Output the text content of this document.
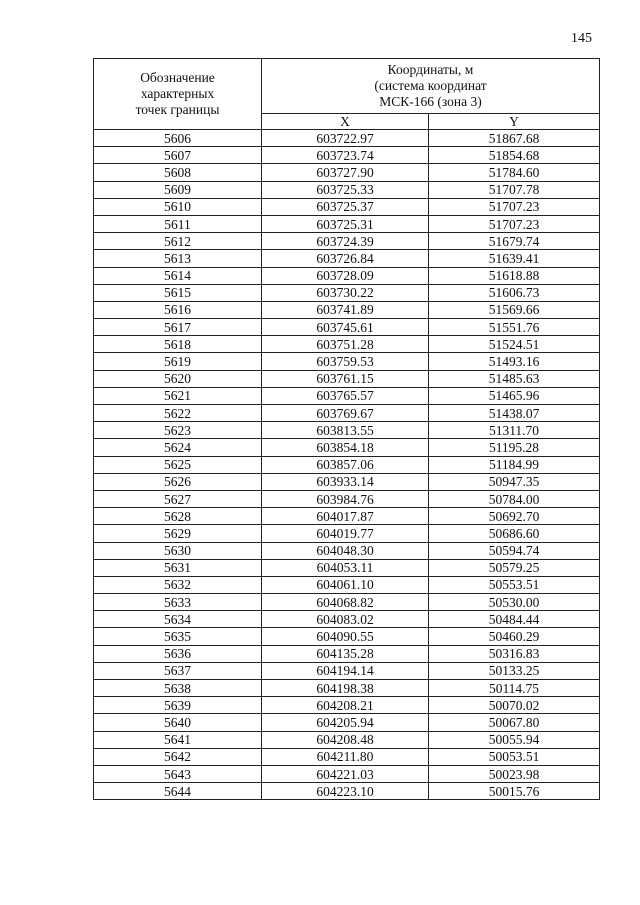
145
Обозначение
характерных
точек границы	Координаты, м
(система координат
МСК-166 (зона 3)	
	X	Y
5606	603722.97	51867.68
5607	603723.74	51854.68
5608	603727.90	51784.60
5609	603725.33	51707.78
5610	603725.37	51707.23
5611	603725.31	51707.23
5612	603724.39	51679.74
5613	603726.84	51639.41
5614	603728.09	51618.88
5615	603730.22	51606.73
5616	603741.89	51569.66
5617	603745.61	51551.76
5618	603751.28	51524.51
5619	603759.53	51493.16
5620	603761.15	51485.63
5621	603765.57	51465.96
5622	603769.67	51438.07
5623	603813.55	51311.70
5624	603854.18	51195.28
5625	603857.06	51184.99
5626	603933.14	50947.35
5627	603984.76	50784.00
5628	604017.87	50692.70
5629	604019.77	50686.60
5630	604048.30	50594.74
5631	604053.11	50579.25
5632	604061.10	50553.51
5633	604068.82	50530.00
5634	604083.02	50484.44
5635	604090.55	50460.29
5636	604135.28	50316.83
5637	604194.14	50133.25
5638	604198.38	50114.75
5639	604208.21	50070.02
5640	604205.94	50067.80
5641	604208.48	50055.94
5642	604211.80	50053.51
5643	604221.03	50023.98
5644	604223.10	50015.76
